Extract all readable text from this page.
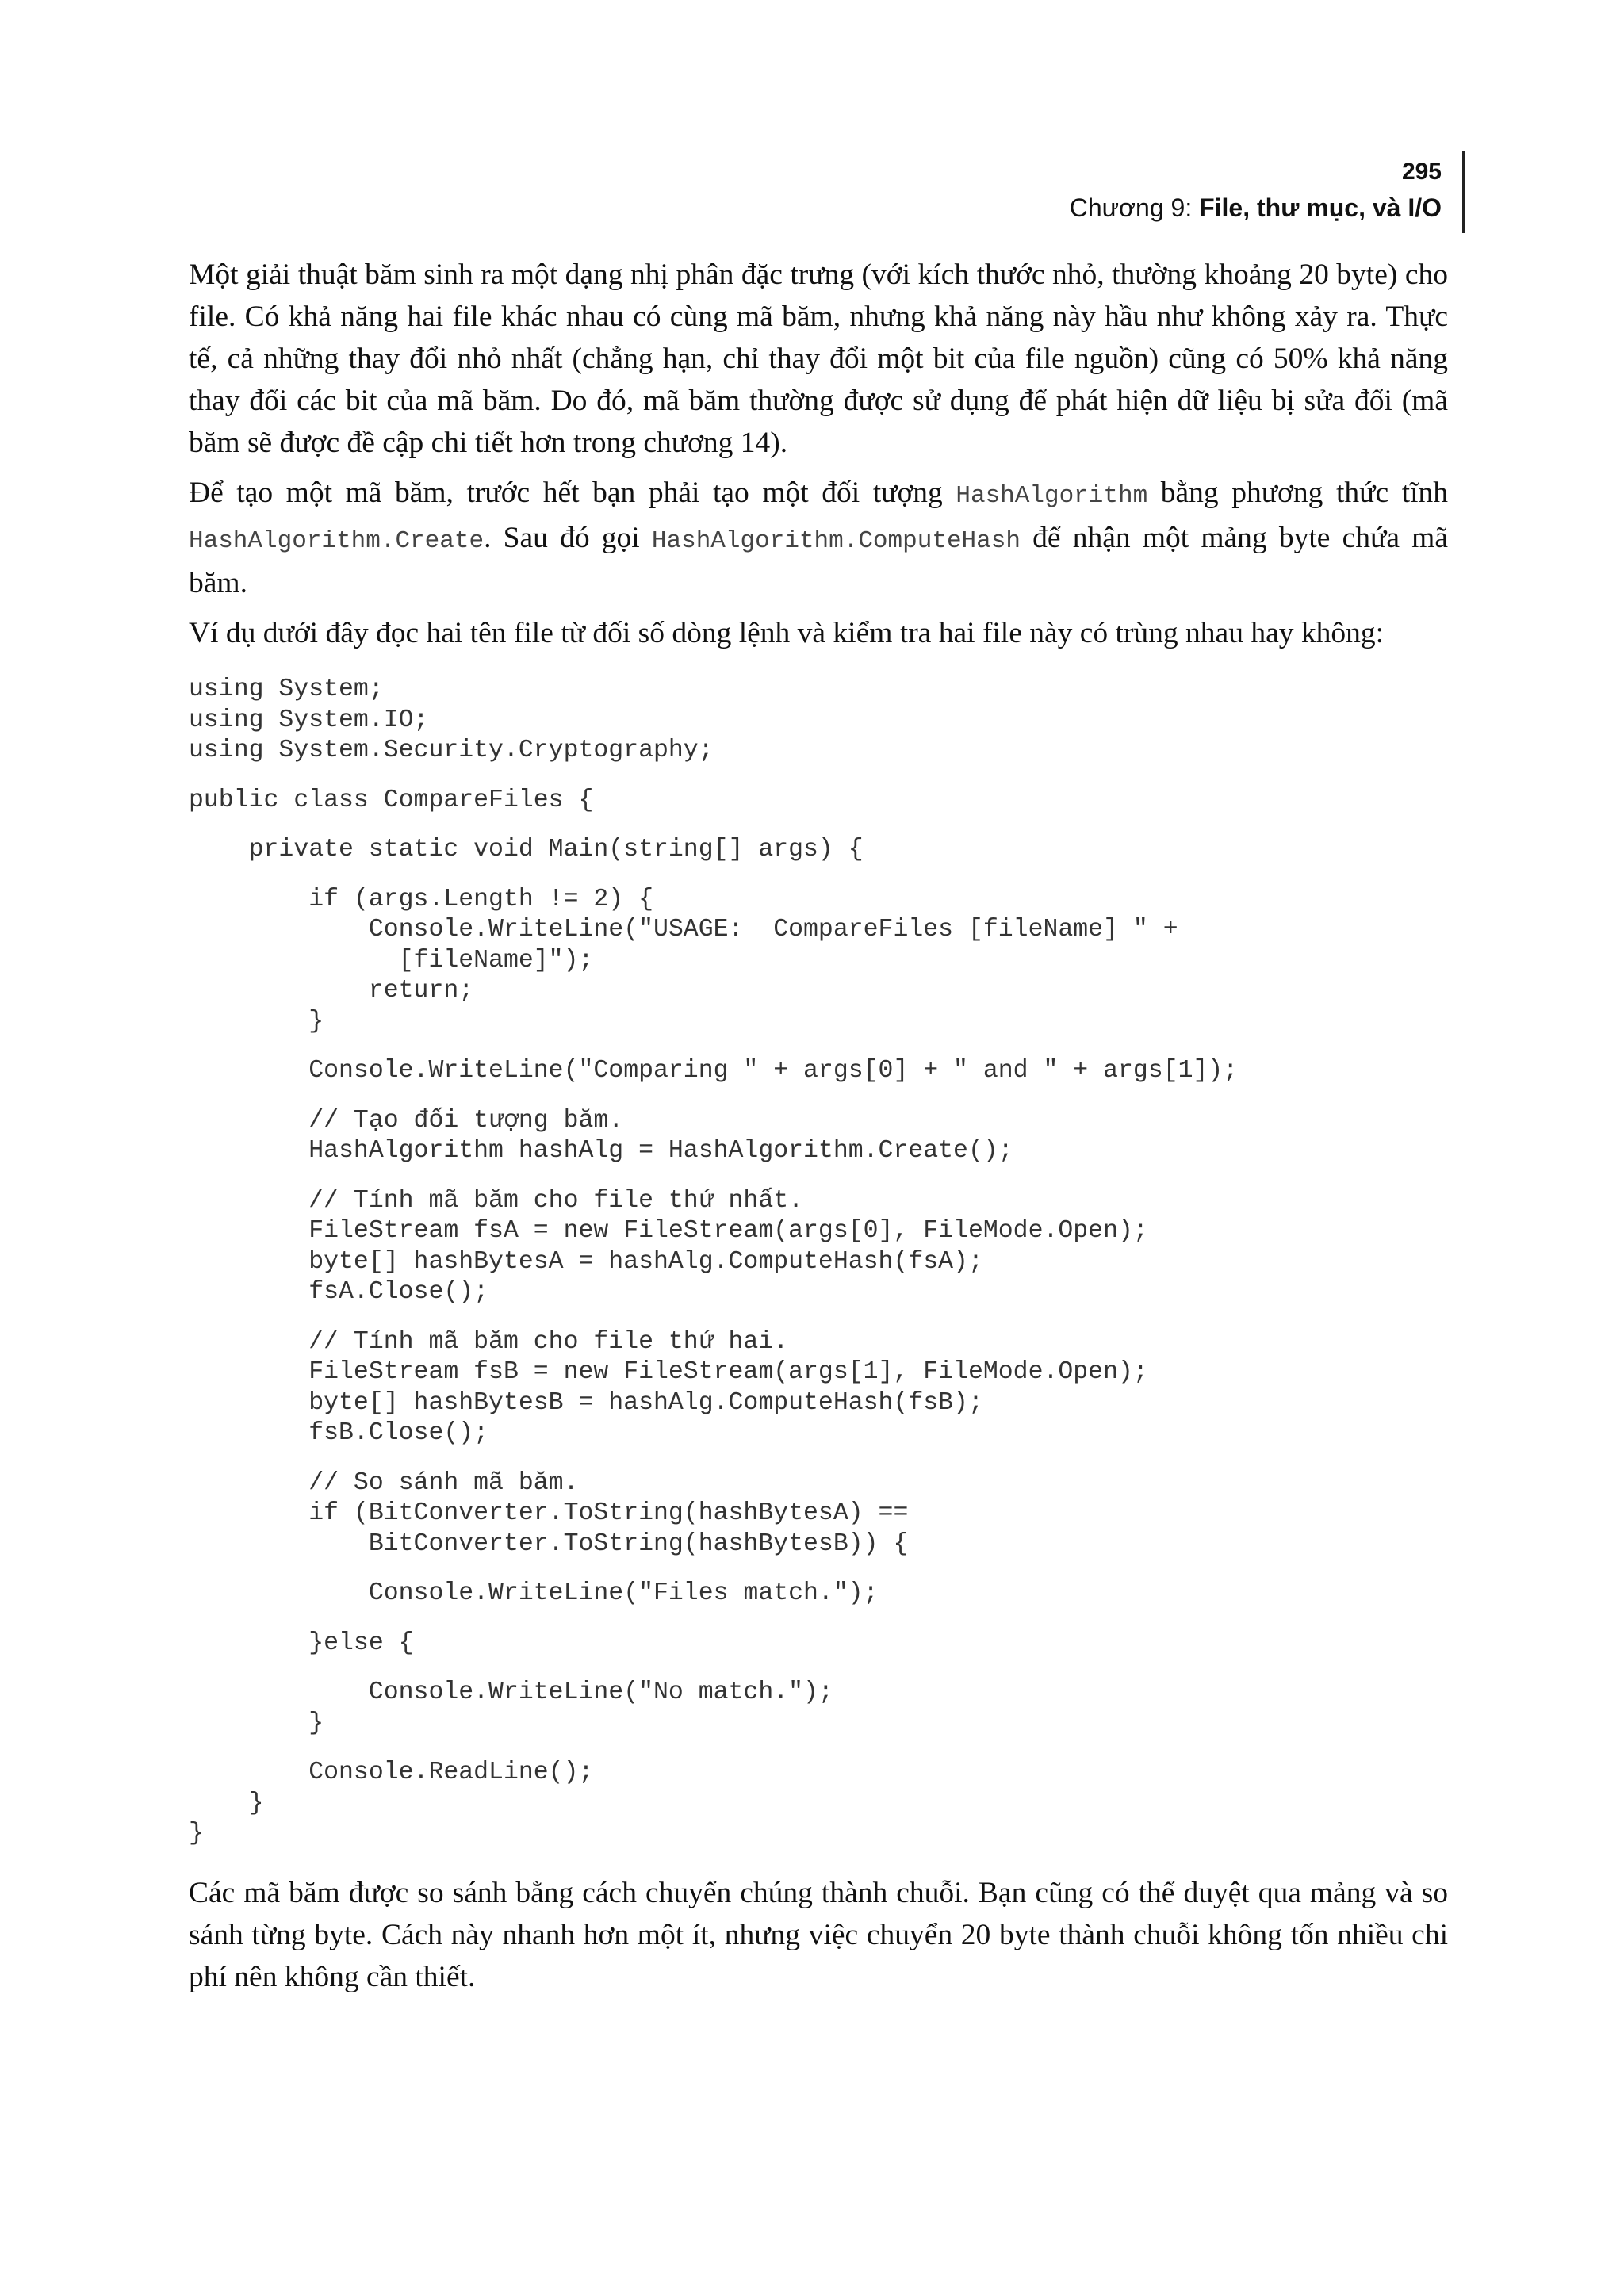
295
Chương 9: File, thư mục, và I/O

Một giải thuật băm sinh ra một dạng nhị phân đặc trưng (với kích thước nhỏ, thường khoảng 20 byte) cho file. Có khả năng hai file khác nhau có cùng mã băm, nhưng khả năng này hầu như không xảy ra. Thực tế, cả những thay đổi nhỏ nhất (chẳng hạn, chỉ thay đổi một bit của file nguồn) cũng có 50% khả năng thay đổi các bit của mã băm. Do đó, mã băm thường được sử dụng để phát hiện dữ liệu bị sửa đổi (mã băm sẽ được đề cập chi tiết hơn trong chương 14).

Để tạo một mã băm, trước hết bạn phải tạo một đối tượng HashAlgorithm bằng phương thức tĩnh HashAlgorithm.Create. Sau đó gọi HashAlgorithm.ComputeHash để nhận một mảng byte chứa mã băm.

Ví dụ dưới đây đọc hai tên file từ đối số dòng lệnh và kiểm tra hai file này có trùng nhau hay không:

using System;
using System.IO;
using System.Security.Cryptography;
public class CompareFiles {
private static void Main(string[] args) {
if (args.Length != 2) {
Console.WriteLine("USAGE:  CompareFiles [fileName] " +
[fileName]");
return;
}
Console.WriteLine("Comparing " + args[0] + " and " + args[1]);
// Tạo đối tượng băm.
HashAlgorithm hashAlg = HashAlgorithm.Create();
// Tính mã băm cho file thứ nhất.
FileStream fsA = new FileStream(args[0], FileMode.Open);
byte[] hashBytesA = hashAlg.ComputeHash(fsA);
fsA.Close();
// Tính mã băm cho file thứ hai.
FileStream fsB = new FileStream(args[1], FileMode.Open);
byte[] hashBytesB = hashAlg.ComputeHash(fsB);
fsB.Close();
// So sánh mã băm.
if (BitConverter.ToString(hashBytesA) ==
BitConverter.ToString(hashBytesB)) {
Console.WriteLine("Files match.");
}else {
Console.WriteLine("No match.");
}
Console.ReadLine();
}
}

Các mã băm được so sánh bằng cách chuyển chúng thành chuỗi. Bạn cũng có thể duyệt qua mảng và so sánh từng byte. Cách này nhanh hơn một ít, nhưng việc chuyển 20 byte thành chuỗi không tốn nhiều chi phí nên không cần thiết.
